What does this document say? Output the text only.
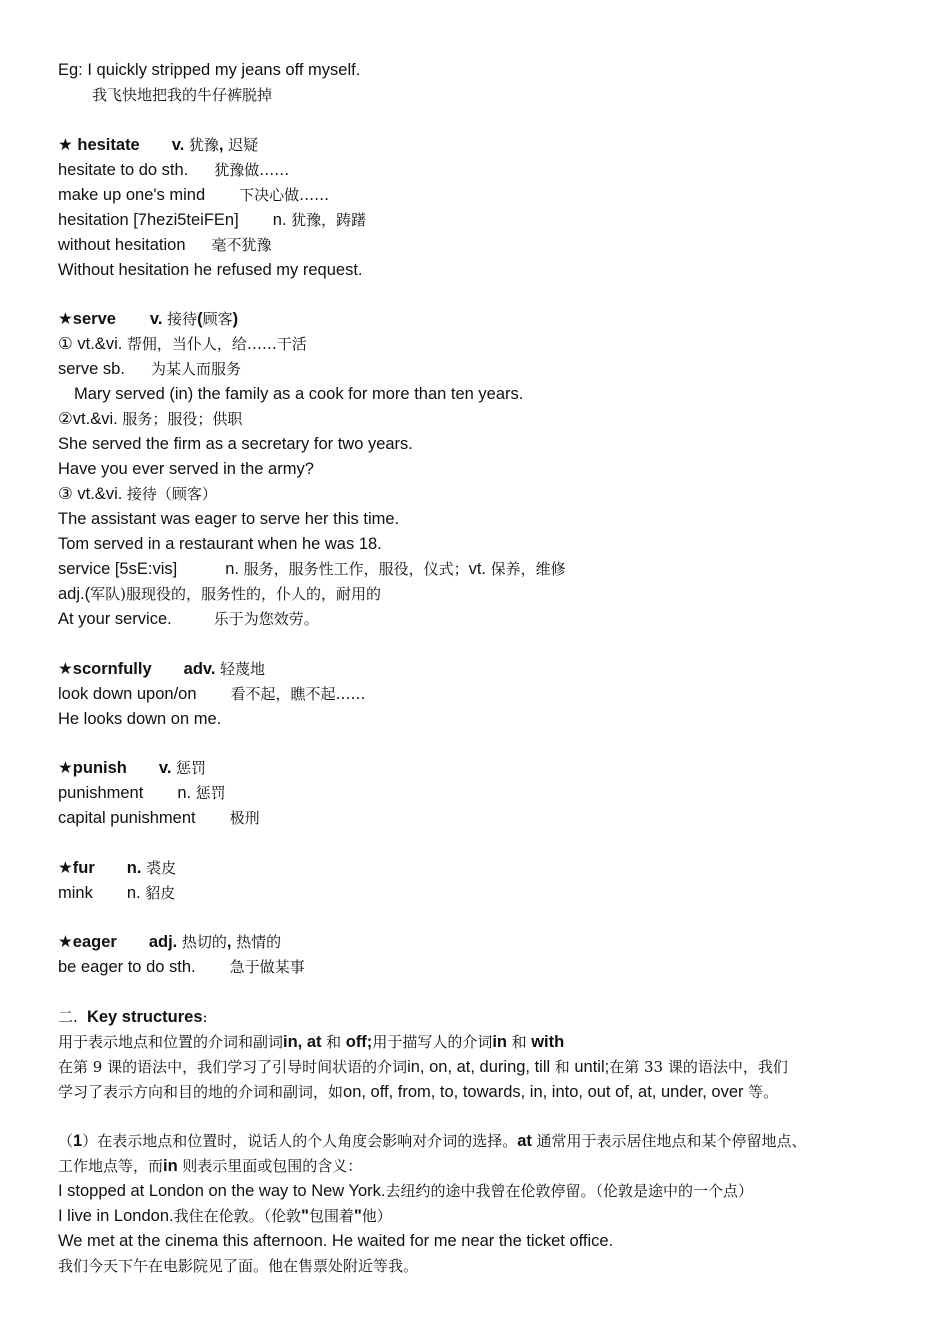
Eg: I quickly stripped my jeans off myself.
我飞快地把我的牛仔裤脱掉
★ hesitate v. 犹豫, 迟疑
hesitate to do sth. 犹豫做……
make up one's mind 下决心做……
hesitation [7hezi5teiFEn] n. 犹豫，踌躇
without hesitation 毫不犹豫
Without hesitation he refused my request.
★serve v. 接待(顾客)
① vt.&vi. 帮佣，当仆人，给……干活
serve sb. 为某人而服务
Mary served (in) the family as a cook for more than ten years.
②vt.&vi. 服务；服役；供职
She served the firm as a secretary for two years.
Have you ever served in the army?
③ vt.&vi. 接待（顾客）
The assistant was eager to serve her this time.
Tom served in a restaurant when he was 18.
service [5sE:vis]	n. 服务，服务性工作，服役，仪式；vt. 保养，维修
adj.(军队)服现役的，服务性的，仆人的，耐用的
At your service.	乐于为您效劳。
★scornfully adv. 轻蔑地
look down upon/on 看不起，瞧不起……
He looks down on me.
★punish v. 惩罚
punishment n. 惩罚
capital punishment 极刑
★fur n. 裘皮
mink n. 貂皮
★eager adj. 热切的, 热情的
be eager to do sth. 急于做某事
二. Key structures:
用于表示地点和位置的介词和副词in, at 和 off;用于描写人的介词in 和 with
在第 9 课的语法中，我们学习了引导时间状语的介词in, on, at, during, till 和 until;在第 33 课的语法中，我们
学习了表示方向和目的地的介词和副词，如on, off, from, to, towards, in, into, out of, at, under, over 等。
（1）在表示地点和位置时，说话人的个人角度会影响对介词的选择。at 通常用于表示居住地点和某个停留地点、
工作地点等，而in 则表示里面或包围的含义：
I stopped at London on the way to New York.去纽约的途中我曾在伦敦停留。（伦敦是途中的一个点）
I live in London.我住在伦敦。（伦敦"包围着"他）
We met at the cinema this afternoon. He waited for me near the ticket office.
我们今天下午在电影院见了面。他在售票处附近等我。
